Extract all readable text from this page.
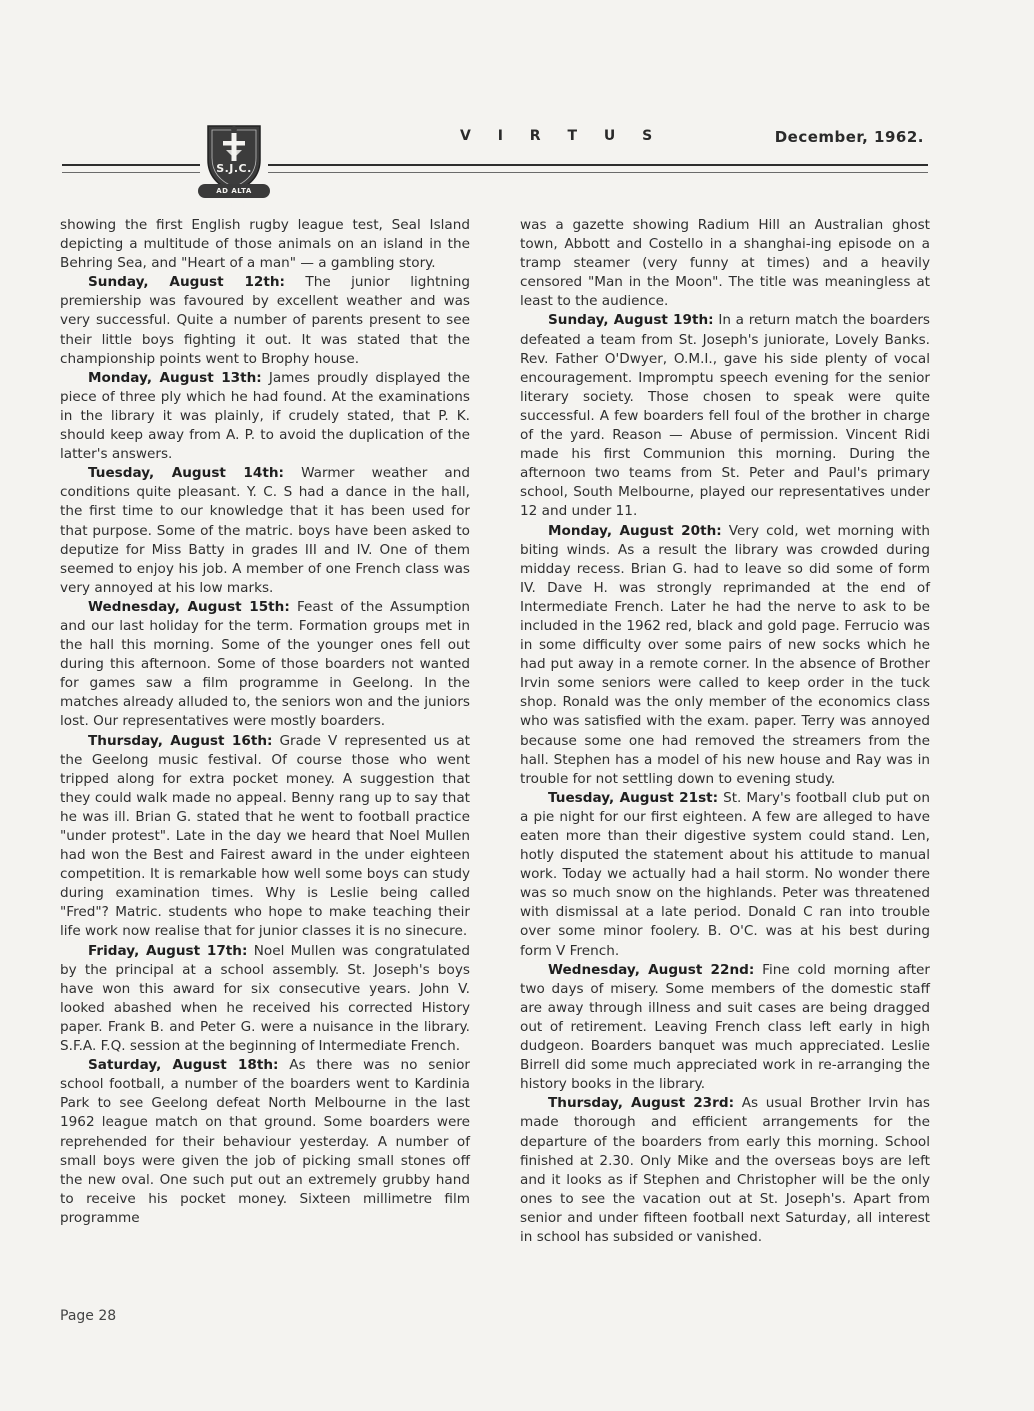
S.J.C.
AD ALTA VIRTUTE
V I R T U S	December, 1962.

showing the first English rugby league test, Seal Island depicting a multitude of those animals on an island in the Behring Sea, and "Heart of a man" — a gambling story.

Sunday, August 12th: The junior lightning premiership was favoured by excellent weather and was very successful. Quite a number of parents present to see their little boys fighting it out. It was stated that the championship points went to Brophy house.

Monday, August 13th: James proudly displayed the piece of three ply which he had found. At the examinations in the library it was plainly, if crudely stated, that P. K. should keep away from A. P. to avoid the duplication of the latter's answers.

Tuesday, August 14th: Warmer weather and conditions quite pleasant. Y. C. S had a dance in the hall, the first time to our knowledge that it has been used for that purpose. Some of the matric. boys have been asked to deputize for Miss Batty in grades III and IV. One of them seemed to enjoy his job. A member of one French class was very annoyed at his low marks.

Wednesday, August 15th: Feast of the Assumption and our last holiday for the term. Formation groups met in the hall this morning. Some of the younger ones fell out during this afternoon. Some of those boarders not wanted for games saw a film programme in Geelong. In the matches already alluded to, the seniors won and the juniors lost. Our representatives were mostly boarders.

Thursday, August 16th: Grade V represented us at the Geelong music festival. Of course those who went tripped along for extra pocket money. A suggestion that they could walk made no appeal. Benny rang up to say that he was ill. Brian G. stated that he went to football practice "under protest". Late in the day we heard that Noel Mullen had won the Best and Fairest award in the under eighteen competition. It is remarkable how well some boys can study during examination times. Why is Leslie being called "Fred"? Matric. students who hope to make teaching their life work now realise that for junior classes it is no sinecure.

Friday, August 17th: Noel Mullen was congratulated by the principal at a school assembly. St. Joseph's boys have won this award for six consecutive years. John V. looked abashed when he received his corrected History paper. Frank B. and Peter G. were a nuisance in the library. S.F.A. F.Q. session at the beginning of Intermediate French.

Saturday, August 18th: As there was no senior school football, a number of the boarders went to Kardinia Park to see Geelong defeat North Melbourne in the last 1962 league match on that ground. Some boarders were reprehended for their behaviour yesterday. A number of small boys were given the job of picking small stones off the new oval. One such put out an extremely grubby hand to receive his pocket money. Sixteen millimetre film programme

was a gazette showing Radium Hill an Australian ghost town, Abbott and Costello in a shanghai-ing episode on a tramp steamer (very funny at times) and a heavily censored "Man in the Moon". The title was meaningless at least to the audience.

Sunday, August 19th: In a return match the boarders defeated a team from St. Joseph's juniorate, Lovely Banks. Rev. Father O'Dwyer, O.M.I., gave his side plenty of vocal encouragement. Impromptu speech evening for the senior literary society. Those chosen to speak were quite successful. A few boarders fell foul of the brother in charge of the yard. Reason — Abuse of permission. Vincent Ridi made his first Communion this morning. During the afternoon two teams from St. Peter and Paul's primary school, South Melbourne, played our representatives under 12 and under 11.

Monday, August 20th: Very cold, wet morning with biting winds. As a result the library was crowded during midday recess. Brian G. had to leave so did some of form IV. Dave H. was strongly reprimanded at the end of Intermediate French. Later he had the nerve to ask to be included in the 1962 red, black and gold page. Ferrucio was in some difficulty over some pairs of new socks which he had put away in a remote corner. In the absence of Brother Irvin some seniors were called to keep order in the tuck shop. Ronald was the only member of the economics class who was satisfied with the exam. paper. Terry was annoyed because some one had removed the streamers from the hall. Stephen has a model of his new house and Ray was in trouble for not settling down to evening study.

Tuesday, August 21st: St. Mary's football club put on a pie night for our first eighteen. A few are alleged to have eaten more than their digestive system could stand. Len, hotly disputed the statement about his attitude to manual work. Today we actually had a hail storm. No wonder there was so much snow on the highlands. Peter was threatened with dismissal at a late period. Donald C ran into trouble over some minor foolery. B. O'C. was at his best during form V French.

Wednesday, August 22nd: Fine cold morning after two days of misery. Some members of the domestic staff are away through illness and suit cases are being dragged out of retirement. Leaving French class left early in high dudgeon. Boarders banquet was much appreciated. Leslie Birrell did some much appreciated work in re-arranging the history books in the library.

Thursday, August 23rd: As usual Brother Irvin has made thorough and efficient arrangements for the departure of the boarders from early this morning. School finished at 2.30. Only Mike and the overseas boys are left and it looks as if Stephen and Christopher will be the only ones to see the vacation out at St. Joseph's. Apart from senior and under fifteen football next Saturday, all interest in school has subsided or vanished.

Page 28
